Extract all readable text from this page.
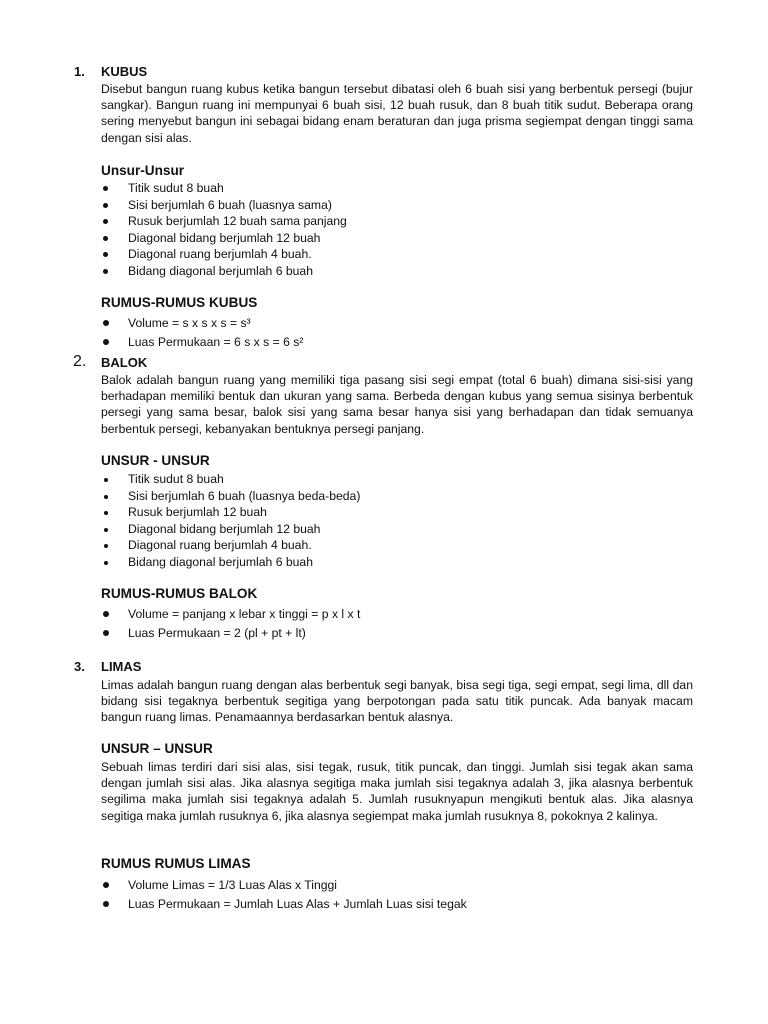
1. KUBUS

Disebut bangun ruang kubus ketika bangun tersebut dibatasi oleh 6 buah sisi yang berbentuk persegi (bujur sangkar). Bangun ruang ini mempunyai 6 buah sisi, 12 buah rusuk, dan 8 buah titik sudut. Beberapa orang sering menyebut bangun ini sebagai bidang enam beraturan dan juga prisma segiempat dengan tinggi sama dengan sisi alas.

Unsur-Unsur

Titik sudut 8 buah
Sisi berjumlah 6 buah (luasnya sama)
Rusuk berjumlah 12 buah sama panjang
Diagonal bidang berjumlah 12 buah
Diagonal ruang berjumlah 4 buah.
Bidang diagonal berjumlah 6 buah

RUMUS-RUMUS KUBUS

Volume = s x s x s = s³
Luas Permukaan = 6 s x s = 6 s²
2. BALOK

Balok adalah bangun ruang yang memiliki tiga pasang sisi segi empat (total 6 buah) dimana sisi-sisi yang berhadapan memiliki bentuk dan ukuran yang sama. Berbeda dengan kubus yang semua sisinya berbentuk persegi yang sama besar, balok sisi yang sama besar hanya sisi yang berhadapan dan tidak semuanya berbentuk persegi, kebanyakan bentuknya persegi panjang.

UNSUR - UNSUR

Titik sudut 8 buah
Sisi berjumlah 6 buah (luasnya beda-beda)
Rusuk berjumlah 12 buah
Diagonal bidang berjumlah 12 buah
Diagonal ruang berjumlah 4 buah.
Bidang diagonal berjumlah 6 buah

RUMUS-RUMUS BALOK

Volume = panjang x lebar x tinggi = p x l x t
Luas Permukaan = 2 (pl + pt + lt)
3. LIMAS

Limas adalah bangun ruang dengan alas berbentuk segi banyak, bisa segi tiga, segi empat, segi lima, dll dan bidang sisi tegaknya berbentuk segitiga yang berpotongan pada satu titik puncak. Ada banyak macam bangun ruang limas. Penamaannya berdasarkan bentuk alasnya.

UNSUR – UNSUR

Sebuah limas terdiri dari sisi alas, sisi tegak, rusuk, titik puncak, dan tinggi. Jumlah sisi tegak akan sama dengan jumlah sisi alas. Jika alasnya segitiga maka jumlah sisi tegaknya adalah 3, jika alasnya berbentuk segilima maka jumlah sisi tegaknya adalah 5. Jumlah rusuknyapun mengikuti bentuk alas. Jika alasnya segitiga maka jumlah rusuknya 6, jika alasnya segiempat maka jumlah rusuknya 8, pokoknya 2 kalinya.

RUMUS RUMUS LIMAS

Volume Limas = 1/3 Luas Alas x Tinggi
Luas Permukaan = Jumlah Luas Alas + Jumlah Luas sisi tegak
